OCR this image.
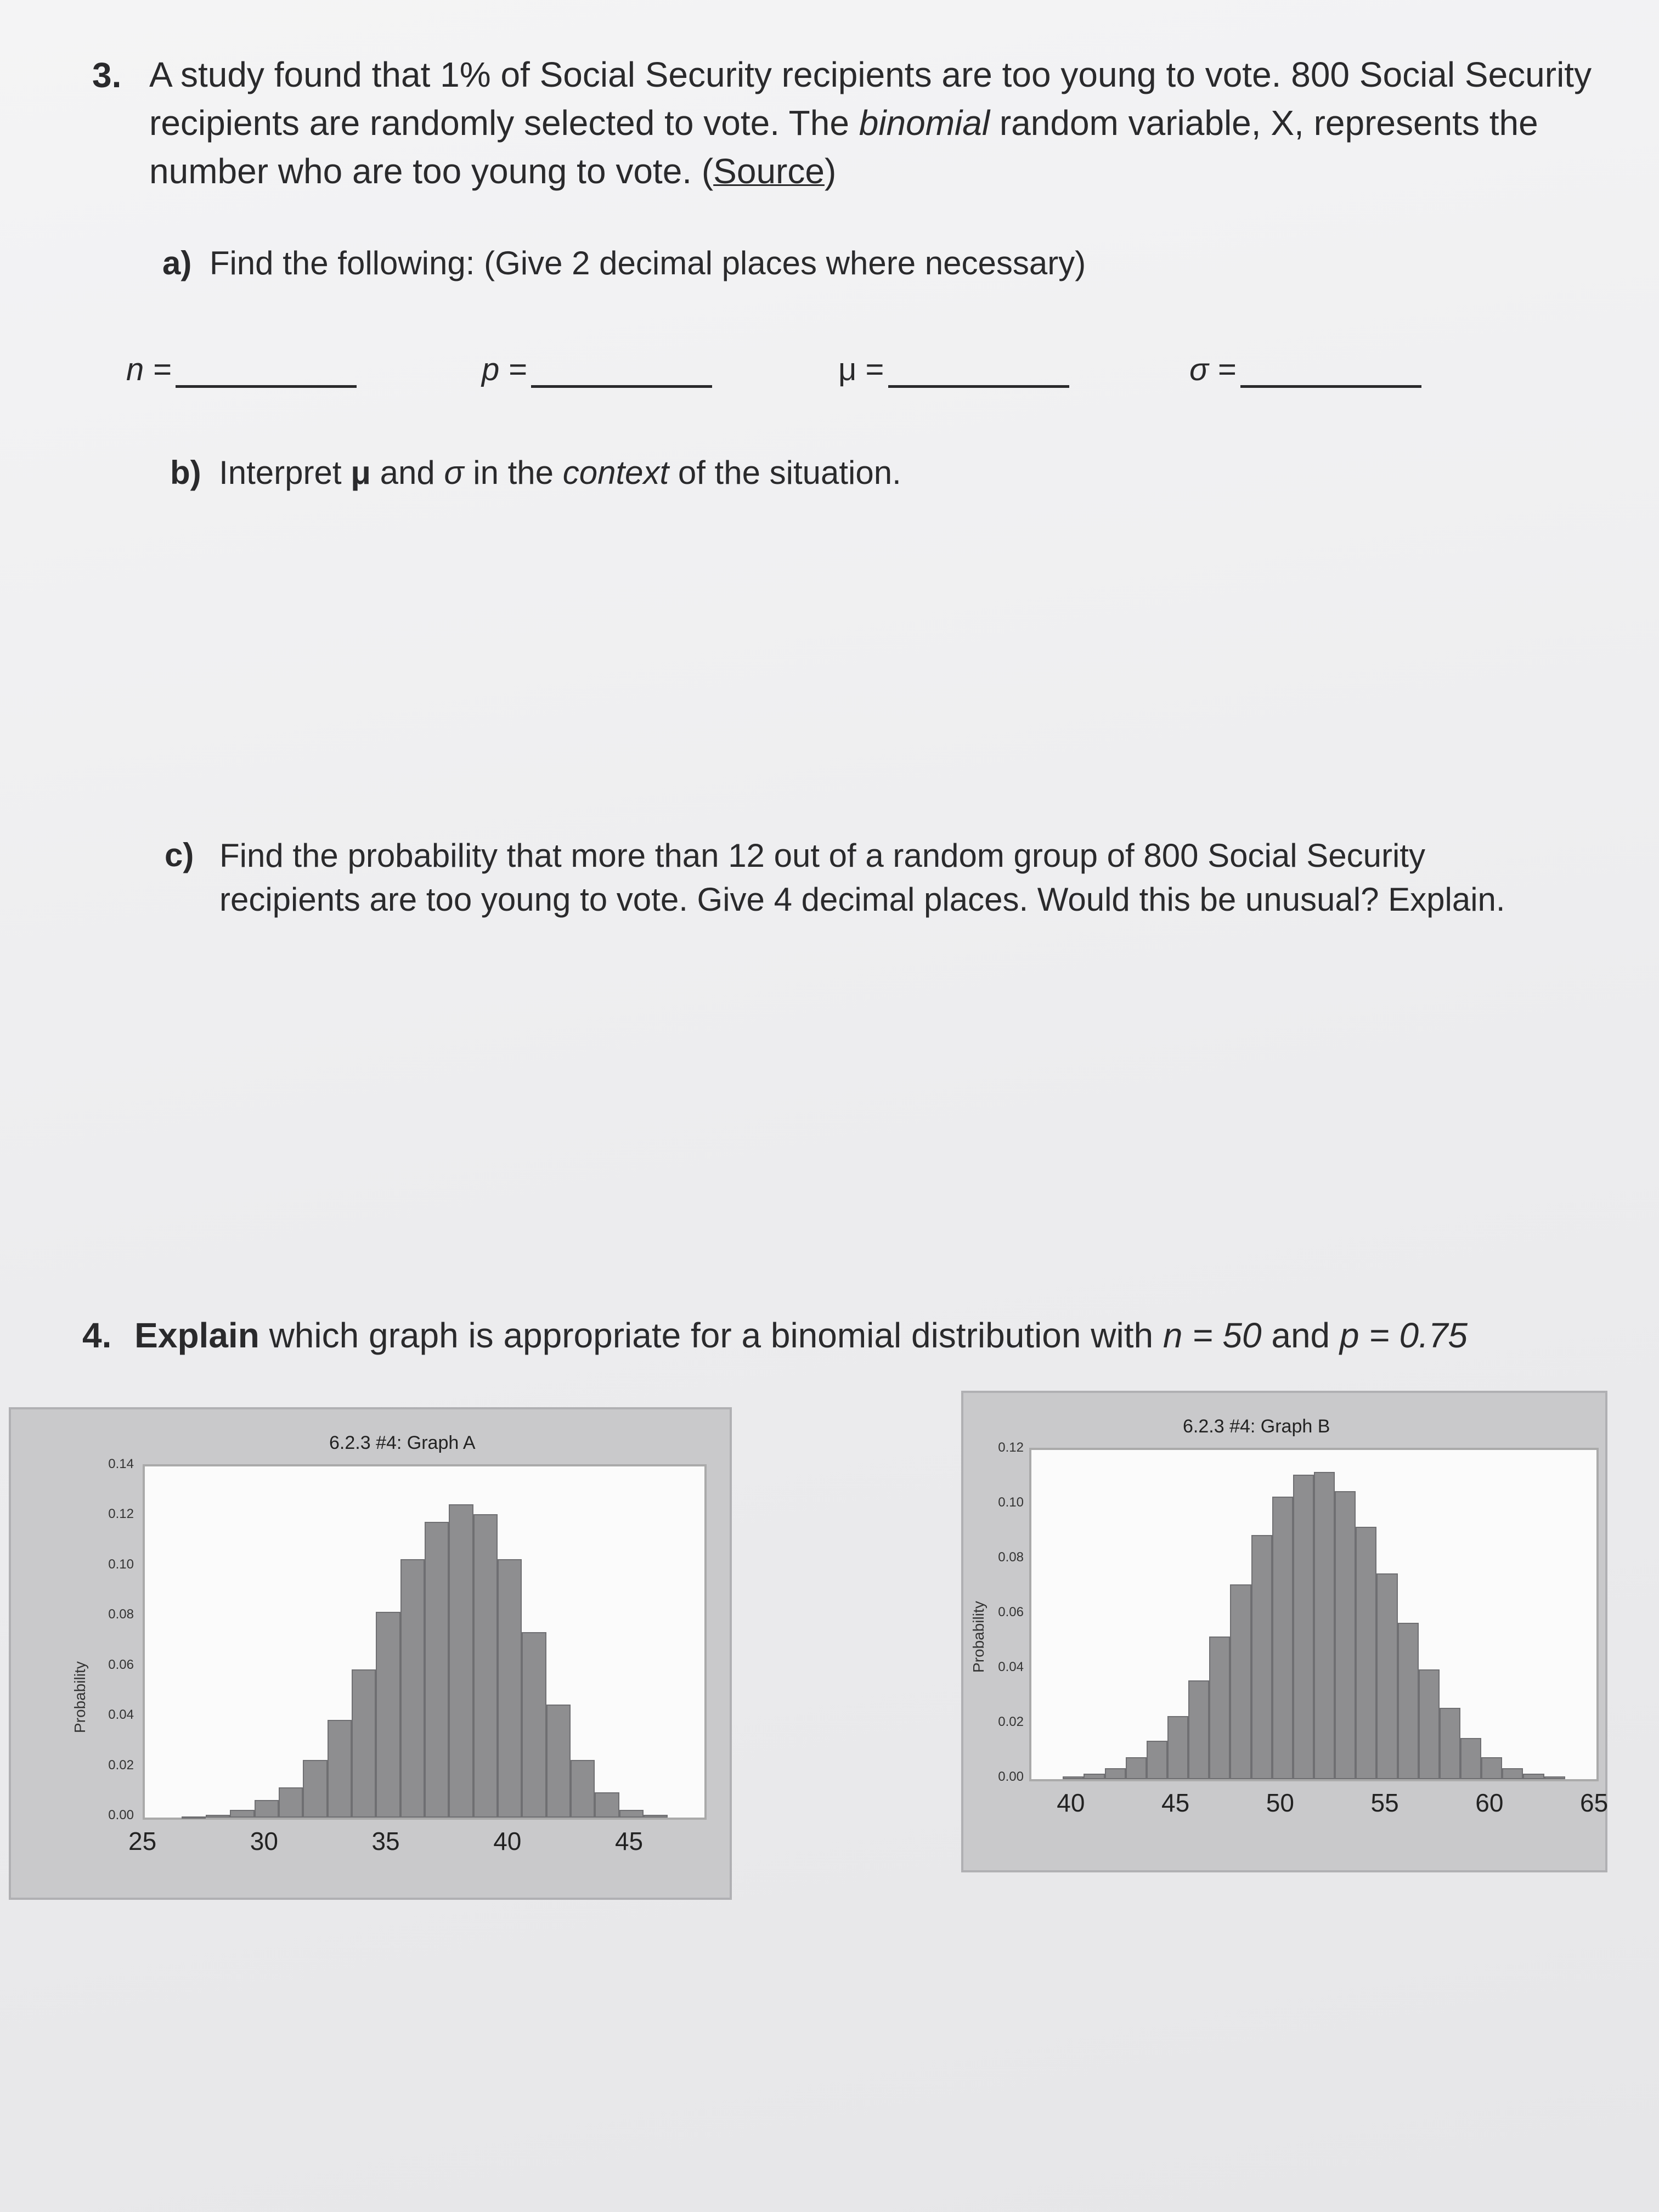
3. A study found that 1% of Social Security recipients are too young to vote. 800 Social Security
recipients are randomly selected to vote. The binomial random variable, X, represents the
number who are too young to vote. (Source)
a) Find the following: (Give 2 decimal places where necessary)
n =	p =	μ =	σ =
b) Interpret μ and σ in the context of the situation.
c) Find the probability that more than 12 out of a random group of 800 Social Security
recipients are too young to vote. Give 4 decimal places. Would this be unusual? Explain.
4. Explain which graph is appropriate for a binomial distribution with n = 50 and p = 0.75
6.2.3 #4: Graph A
Probability
0.00
0.02
0.04
0.06
0.08
0.10
0.12
0.14
25	30	35	40	45
6.2.3 #4: Graph B
Probability
0.00
0.02
0.04
0.06
0.08
0.10
0.12
40	45	50	55	60	65
